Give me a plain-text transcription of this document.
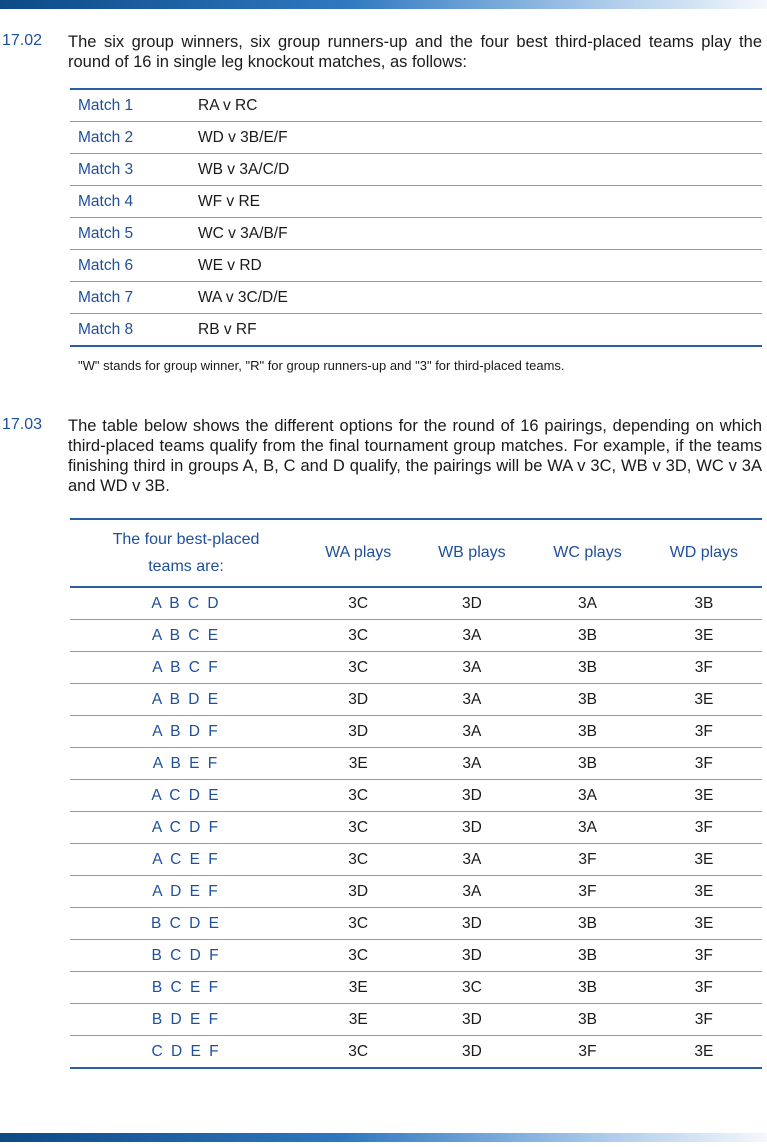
17.02 The six group winners, six group runners-up and the four best third-placed teams play the round of 16 in single leg knockout matches, as follows:
Match 1	RA v RC
Match 2	WD v 3B/E/F
Match 3	WB v 3A/C/D
Match 4	WF v RE
Match 5	WC v 3A/B/F
Match 6	WE v RD
Match 7	WA v 3C/D/E
Match 8	RB v RF
"W" stands for group winner, "R" for group runners-up and "3" for third-placed teams.
17.03 The table below shows the different options for the round of 16 pairings, depending on which third-placed teams qualify from the final tournament group matches. For example, if the teams finishing third in groups A, B, C and D qualify, the pairings will be WA v 3C, WB v 3D, WC v 3A and WD v 3B.
The four best-placed
teams are:	WA plays	WB plays	WC plays	WD plays
A B C D	3C	3D	3A	3B
A B C E	3C	3A	3B	3E
A B C F	3C	3A	3B	3F
A B D E	3D	3A	3B	3E
A B D F	3D	3A	3B	3F
A B E F	3E	3A	3B	3F
A C D E	3C	3D	3A	3E
A C D F	3C	3D	3A	3F
A C E F	3C	3A	3F	3E
A D E F	3D	3A	3F	3E
B C D E	3C	3D	3B	3E
B C D F	3C	3D	3B	3F
B C E F	3E	3C	3B	3F
B D E F	3E	3D	3B	3F
C D E F	3C	3D	3F	3E
